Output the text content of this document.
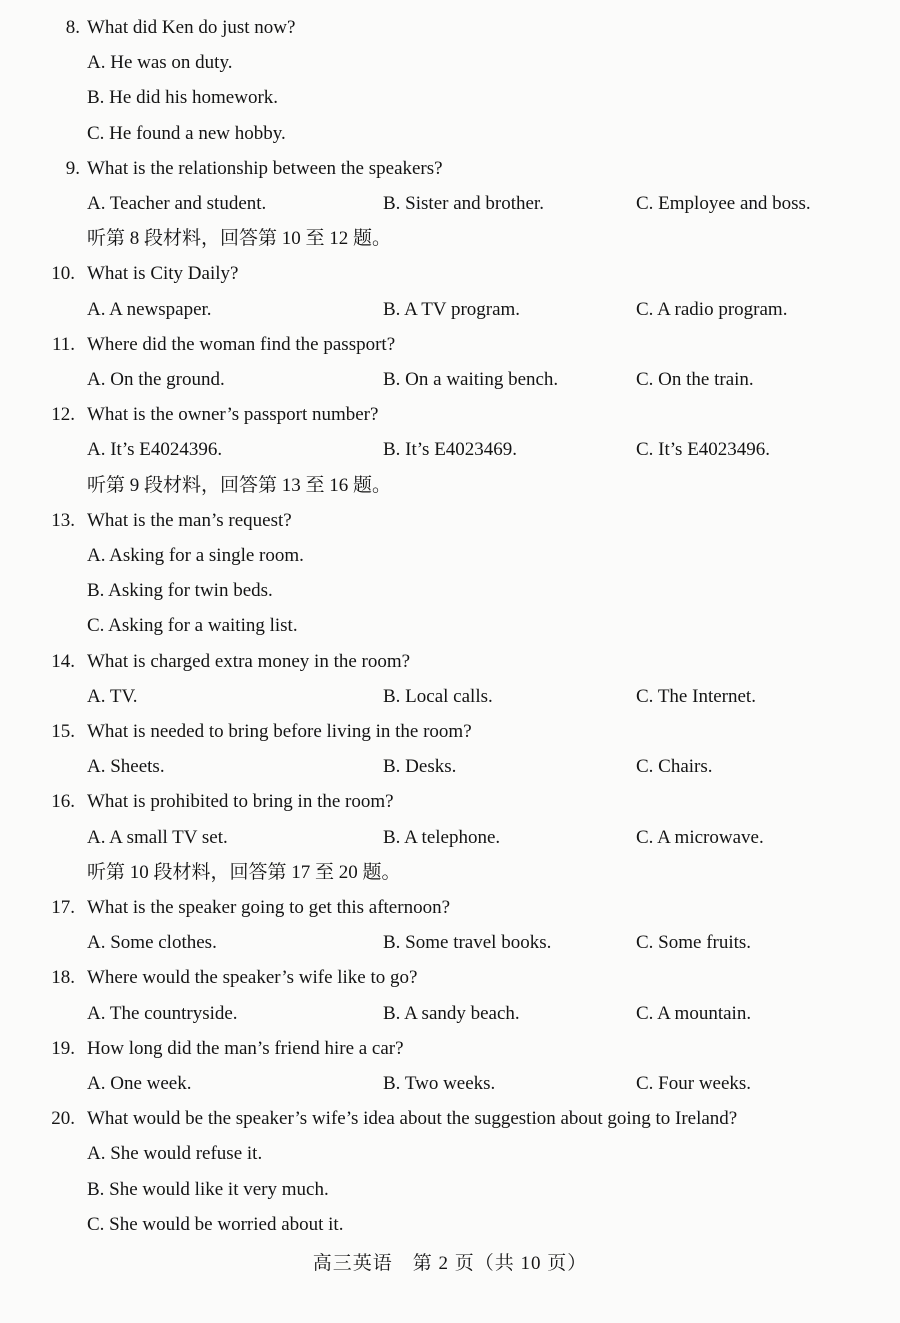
8. What did Ken do just now?
A. He was on duty.
B. He did his homework.
C. He found a new hobby.
9. What is the relationship between the speakers?
A. Teacher and student.	B. Sister and brother.	C. Employee and boss.
听第 8 段材料，回答第 10 至 12 题。
10. What is City Daily?
A. A newspaper.	B. A TV program.	C. A radio program.
11. Where did the woman find the passport?
A. On the ground.	B. On a waiting bench.	C. On the train.
12. What is the owner’s passport number?
A. It’s E4024396.	B. It’s E4023469.	C. It’s E4023496.
听第 9 段材料，回答第 13 至 16 题。
13. What is the man’s request?
A. Asking for a single room.
B. Asking for twin beds.
C. Asking for a waiting list.
14. What is charged extra money in the room?
A. TV.	B. Local calls.	C. The Internet.
15. What is needed to bring before living in the room?
A. Sheets.	B. Desks.	C. Chairs.
16. What is prohibited to bring in the room?
A. A small TV set.	B. A telephone.	C. A microwave.
听第 10 段材料，回答第 17 至 20 题。
17. What is the speaker going to get this afternoon?
A. Some clothes.	B. Some travel books.	C. Some fruits.
18. Where would the speaker’s wife like to go?
A. The countryside.	B. A sandy beach.	C. A mountain.
19. How long did the man’s friend hire a car?
A. One week.	B. Two weeks.	C. Four weeks.
20. What would be the speaker’s wife’s idea about the suggestion about going to Ireland?
A. She would refuse it.
B. She would like it very much.
C. She would be worried about it.
高三英语　第 2 页（共 10 页）
